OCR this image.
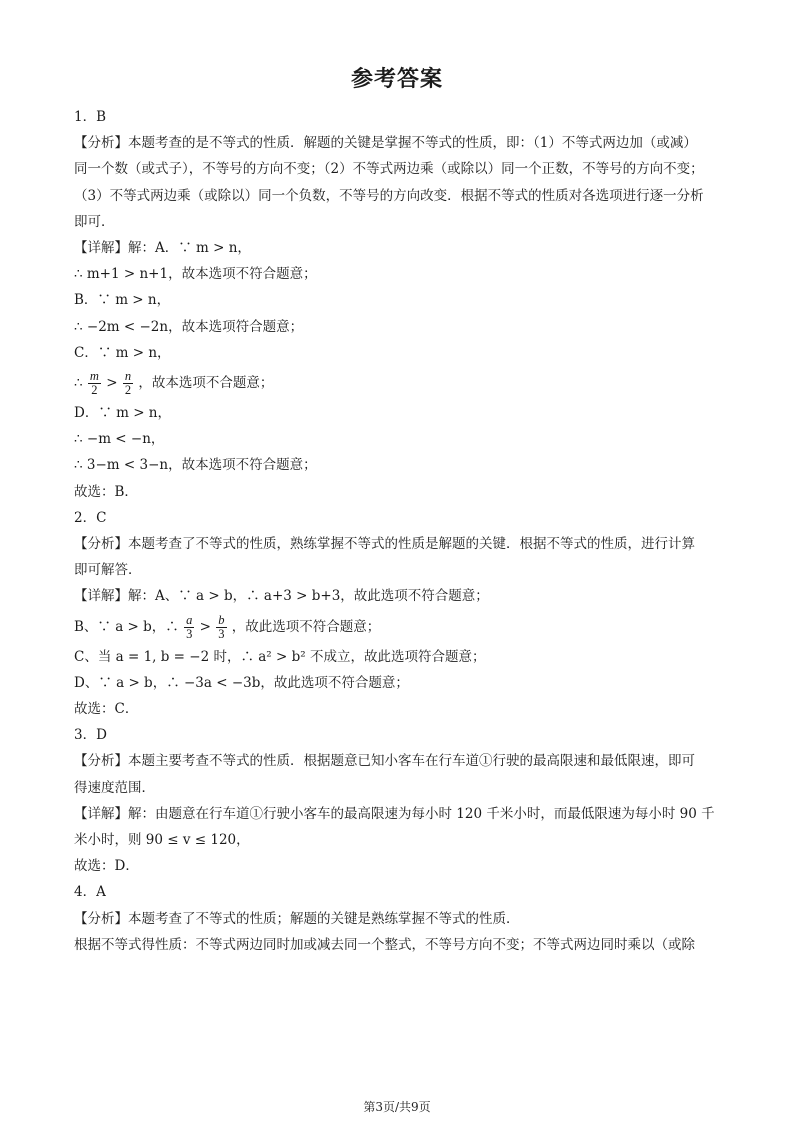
参考答案
1．B
【分析】本题考查的是不等式的性质．解题的关键是掌握不等式的性质，即：（1）不等式两边加（或减）
同一个数（或式子），不等号的方向不变；（2）不等式两边乘（或除以）同一个正数，不等号的方向不变；
（3）不等式两边乘（或除以）同一个负数，不等号的方向改变．根据不等式的性质对各选项进行逐一分析
即可．
【详解】解：A．∵ m > n，
∴ m+1 > n+1，故本选项不符合题意；
B．∵ m > n，
∴ −2m < −2n，故本选项符合题意；
C．∵ m > n，
∴ $\frac{m}{2} > \frac{n}{2}$ ，故本选项不合题意；
D．∵ m > n，
∴ −m < −n，
∴ 3−m < 3−n，故本选项不符合题意；
故选：B．
2．C
【分析】本题考查了不等式的性质，熟练掌握不等式的性质是解题的关键．根据不等式的性质，进行计算
即可解答．
【详解】解：A、∵ a > b，∴ a+3 > b+3，故此选项不符合题意；
B、∵ a > b，∴ $\frac{a}{3} > \frac{b}{3}$ ，故此选项不符合题意；
C、当 a = 1, b = −2 时，∴ a² > b² 不成立，故此选项符合题意；
D、∵ a > b，∴ −3a < −3b，故此选项不符合题意；
故选：C．
3．D
【分析】本题主要考查不等式的性质．根据题意已知小客车在行车道①行驶的最高限速和最低限速，即可
得速度范围．
【详解】解：由题意在行车道①行驶小客车的最高限速为每小时 120 千米小时，而最低限速为每小时 90 千
米小时，则 90 ≤ v ≤ 120，
故选：D．
4．A
【分析】本题考查了不等式的性质；解题的关键是熟练掌握不等式的性质．
根据不等式得性质：不等式两边同时加或减去同一个整式，不等号方向不变；不等式两边同时乘以（或除
第3页/共9页
